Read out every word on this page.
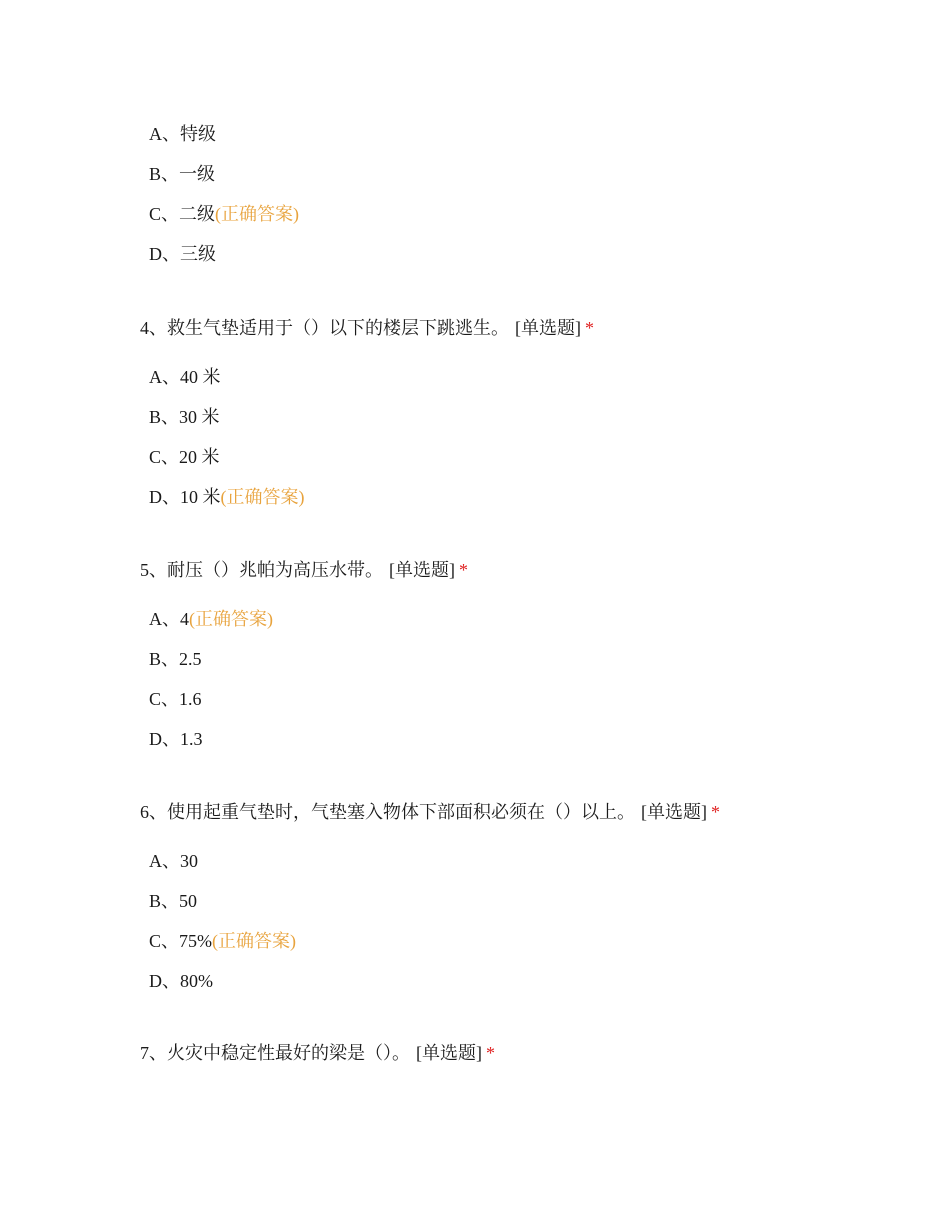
A、特级
B、一级
C、二级(正确答案)
D、三级
4、救生气垫适用于（）以下的楼层下跳逃生。 [单选题] *
A、40 米
B、30 米
C、20 米
D、10 米(正确答案)
5、耐压（）兆帕为高压水带。 [单选题] *
A、4(正确答案)
B、2.5
C、1.6
D、1.3
6、使用起重气垫时，气垫塞入物体下部面积必须在（）以上。 [单选题] *
A、30
B、50
C、75%(正确答案)
D、80%
7、火灾中稳定性最好的梁是（）。 [单选题] *
